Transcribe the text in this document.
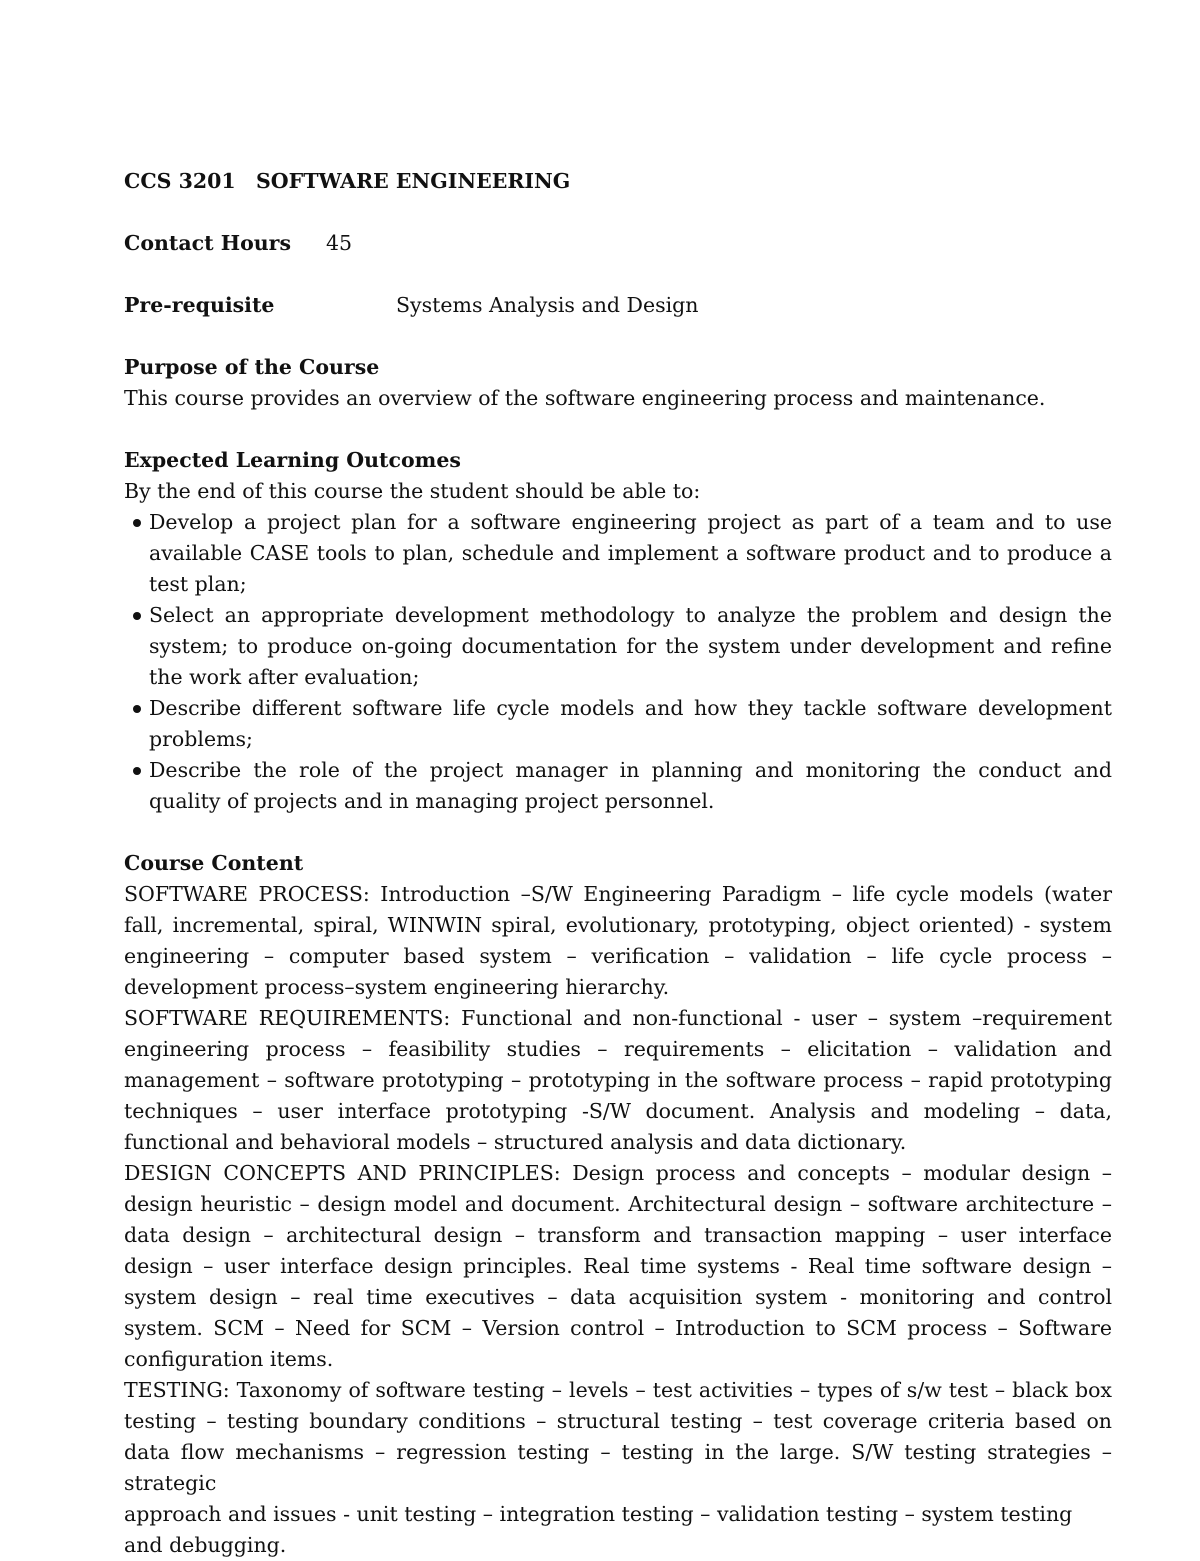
CCS 3201 SOFTWARE ENGINEERING
Contact Hours	45
Pre-requisite	Systems Analysis and Design
Purpose of the Course

This course provides an overview of the software engineering process and maintenance.

Expected Learning Outcomes

By the end of this course the student should be able to:

Develop a project plan for a software engineering project as part of a team and to use available CASE tools to plan, schedule and implement a software product and to produce a test plan;
Select an appropriate development methodology to analyze the problem and design the system; to produce on-going documentation for the system under development and refine the work after evaluation;
Describe different software life cycle models and how they tackle software development problems;
Describe the role of the project manager in planning and monitoring the conduct and quality of projects and in managing project personnel.
Course Content

SOFTWARE PROCESS: Introduction –S/W Engineering Paradigm – life cycle models (water fall, incremental, spiral, WINWIN spiral, evolutionary, prototyping, object oriented) - system engineering – computer based system – verification – validation – life cycle process – development process–system engineering hierarchy.

SOFTWARE REQUIREMENTS: Functional and non-functional - user – system –requirement engineering process – feasibility studies – requirements – elicitation – validation and management – software prototyping – prototyping in the software process – rapid prototyping techniques – user interface prototyping -S/W document. Analysis and modeling – data, functional and behavioral models – structured analysis and data dictionary.

DESIGN CONCEPTS AND PRINCIPLES: Design process and concepts – modular design – design heuristic – design model and document. Architectural design – software architecture – data design – architectural design – transform and transaction mapping – user interface design – user interface design principles. Real time systems - Real time software design – system design – real time executives – data acquisition system - monitoring and control system. SCM – Need for SCM – Version control – Introduction to SCM process – Software configuration items.

TESTING: Taxonomy of software testing – levels – test activities – types of s/w test – black box testing – testing boundary conditions – structural testing – test coverage criteria based on data flow mechanisms – regression testing – testing in the large. S/W testing strategies – strategic

approach and issues - unit testing – integration testing – validation testing – system testing

and debugging.
